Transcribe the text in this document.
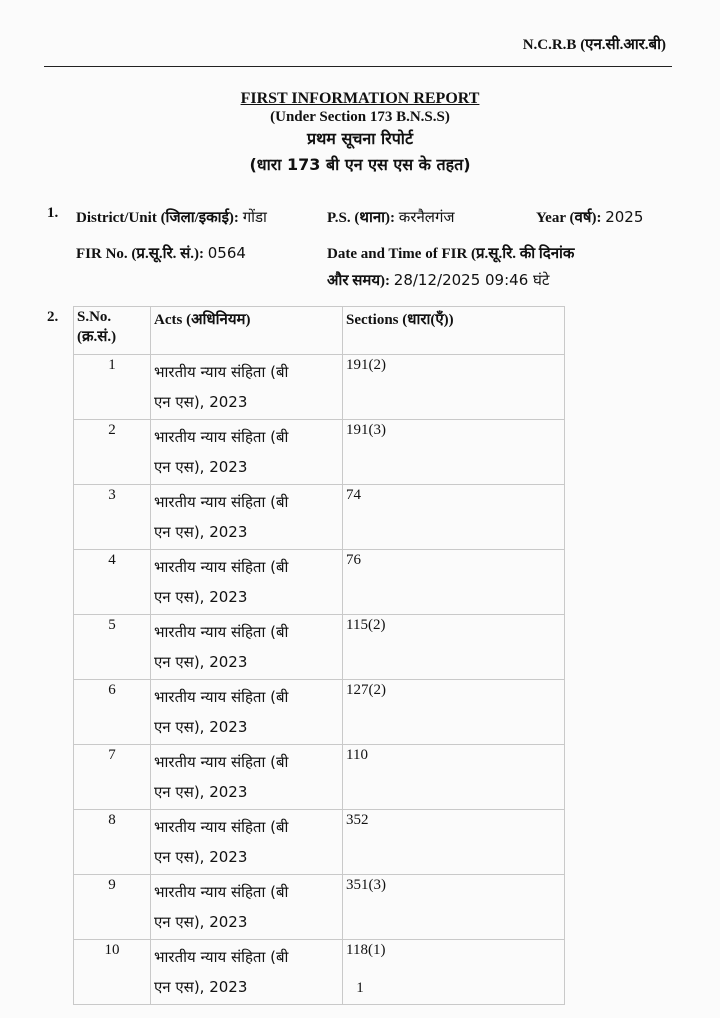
N.C.R.B (एन.सी.आर.बी)
FIRST INFORMATION REPORT
(Under Section 173 B.N.S.S)
प्रथम सूचना रिपोर्ट
(धारा 173 बी एन एस एस के तहत)
1. District/Unit (जिला/इकाई): गोंडा	P.S. (थाना): करनैलगंज	Year (वर्ष): 2025
FIR No. (प्र.सू.रि. सं.): 0564	Date and Time of FIR (प्र.सू.रि. की दिनांक
और समय): 28/12/2025 09:46 घंटे
2. S.No.
(क्र.सं.)	Acts (अधिनियम)	Sections (धारा(एँ))
1	भारतीय न्याय संहिता (बी
एन एस), 2023	191(2)
2	भारतीय न्याय संहिता (बी
एन एस), 2023	191(3)
3	भारतीय न्याय संहिता (बी
एन एस), 2023	74
4	भारतीय न्याय संहिता (बी
एन एस), 2023	76
5	भारतीय न्याय संहिता (बी
एन एस), 2023	115(2)
6	भारतीय न्याय संहिता (बी
एन एस), 2023	127(2)
7	भारतीय न्याय संहिता (बी
एन एस), 2023	110
8	भारतीय न्याय संहिता (बी
एन एस), 2023	352
9	भारतीय न्याय संहिता (बी
एन एस), 2023	351(3)
10	भारतीय न्याय संहिता (बी
एन एस), 2023	118(1)
1
